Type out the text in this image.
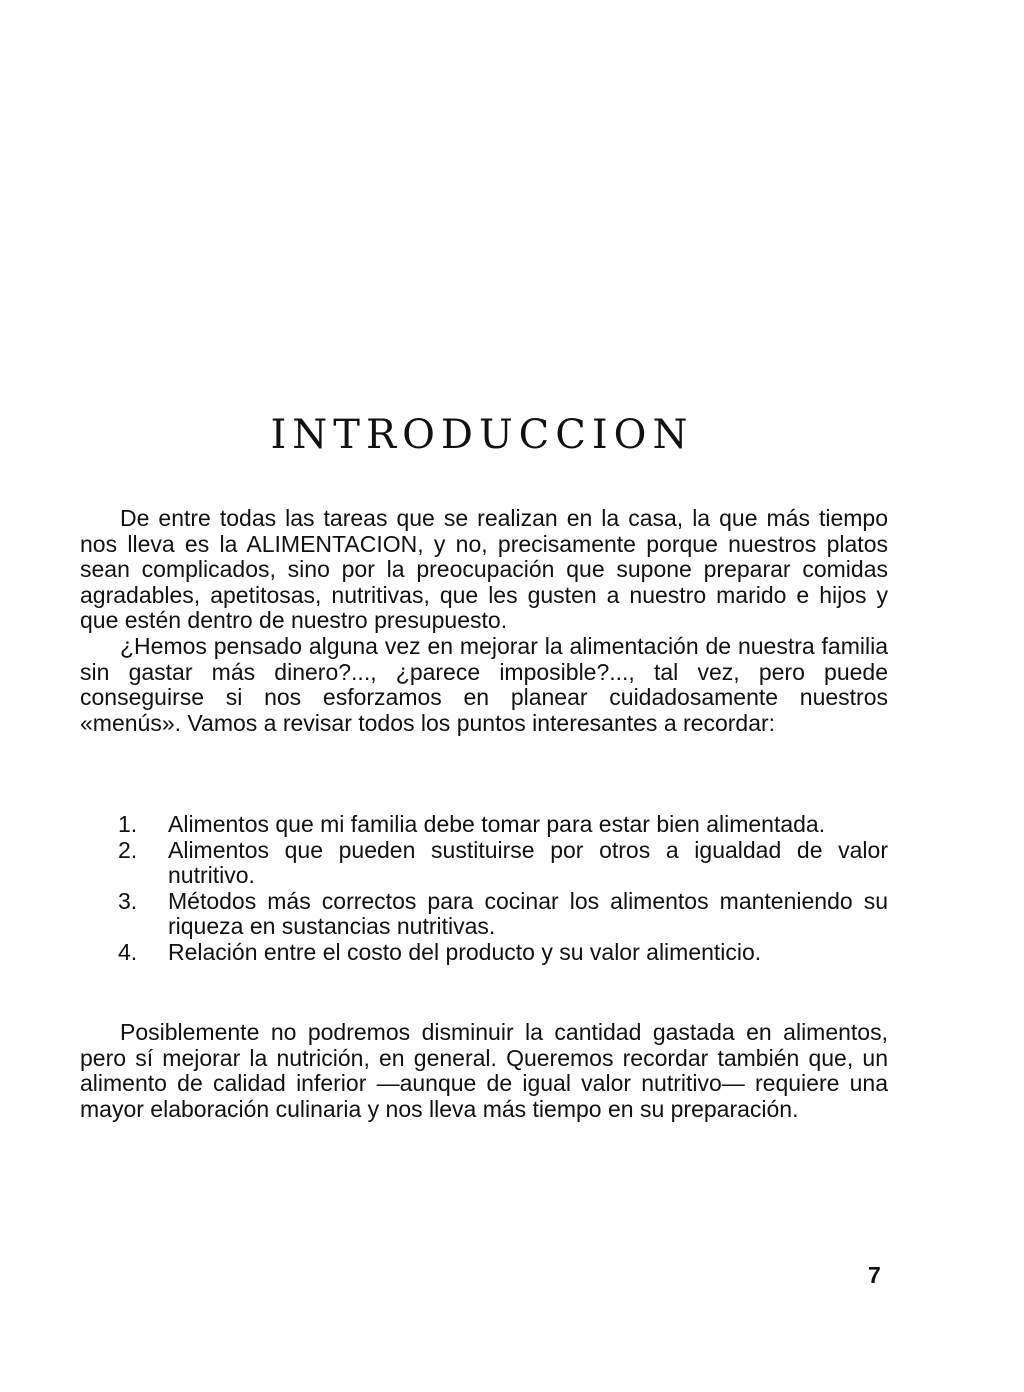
INTRODUCCION

De entre todas las tareas que se realizan en la casa, la que más tiempo nos lleva es la ALIMENTACION, y no, precisamente porque nuestros platos sean complicados, sino por la preocupación que supone preparar comidas agradables, apetitosas, nutritivas, que les gusten a nuestro marido e hijos y que estén dentro de nuestro presupuesto.

¿Hemos pensado alguna vez en mejorar la alimentación de nuestra familia sin gastar más dinero?..., ¿parece imposible?..., tal vez, pero puede conseguirse si nos esforzamos en planear cuidadosamente nuestros «menús». Vamos a revisar todos los puntos interesantes a recordar:

1. Alimentos que mi familia debe tomar para estar bien alimentada.
2. Alimentos que pueden sustituirse por otros a igualdad de valor nutritivo.
3. Métodos más correctos para cocinar los alimentos manteniendo su riqueza en sustancias nutritivas.
4. Relación entre el costo del producto y su valor alimenticio.

Posiblemente no podremos disminuir la cantidad gastada en alimentos, pero sí mejorar la nutrición, en general. Queremos recordar también que, un alimento de calidad inferior —aunque de igual valor nutritivo— requiere una mayor elaboración culinaria y nos lleva más tiempo en su preparación.

7
